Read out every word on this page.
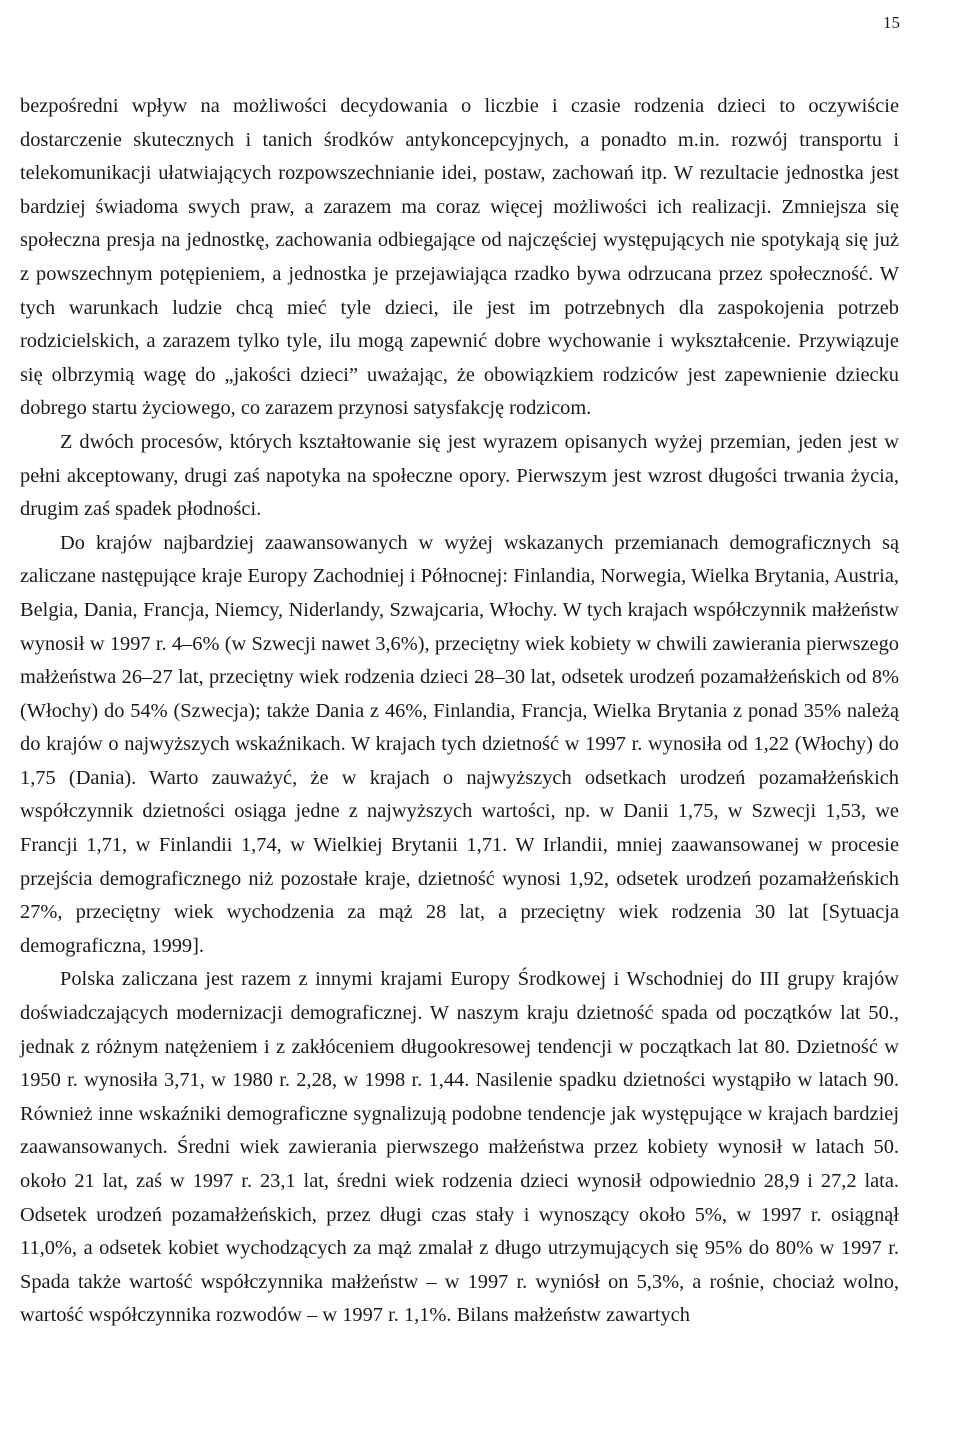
15

bezpośredni wpływ na możliwości decydowania o liczbie i czasie rodzenia dzieci to oczywiście dostarczenie skutecznych i tanich środków antykoncepcyjnych, a ponadto m.in. rozwój transportu i telekomunikacji ułatwiających rozpowszechnianie idei, postaw, zachowań itp. W rezultacie jednostka jest bardziej świadoma swych praw, a zarazem ma coraz więcej możliwości ich realizacji. Zmniejsza się społeczna presja na jednostkę, zachowania odbiegające od najczęściej występujących nie spotykają się już z powszechnym potępieniem, a jednostka je przejawiająca rzadko bywa odrzucana przez społeczność. W tych warunkach ludzie chcą mieć tyle dzieci, ile jest im potrzebnych dla zaspokojenia potrzeb rodzicielskich, a zarazem tylko tyle, ilu mogą zapewnić dobre wychowanie i wykształcenie. Przywiązuje się olbrzymią wagę do „jakości dzieci” uważając, że obowiązkiem rodziców jest zapewnienie dziecku dobrego startu życiowego, co zarazem przynosi satysfakcję rodzicom.

Z dwóch procesów, których kształtowanie się jest wyrazem opisanych wyżej przemian, jeden jest w pełni akceptowany, drugi zaś napotyka na społeczne opory. Pierwszym jest wzrost długości trwania życia, drugim zaś spadek płodności.

Do krajów najbardziej zaawansowanych w wyżej wskazanych przemianach demograficznych są zaliczane następujące kraje Europy Zachodniej i Północnej: Finlandia, Norwegia, Wielka Brytania, Austria, Belgia, Dania, Francja, Niemcy, Niderlandy, Szwajcaria, Włochy. W tych krajach współczynnik małżeństw wynosił w 1997 r. 4–6% (w Szwecji nawet 3,6%), przeciętny wiek kobiety w chwili zawierania pierwszego małżeństwa 26–27 lat, przeciętny wiek rodzenia dzieci 28–30 lat, odsetek urodzeń pozamałżeńskich od 8% (Włochy) do 54% (Szwecja); także Dania z 46%, Finlandia, Francja, Wielka Brytania z ponad 35% należą do krajów o najwyższych wskaźnikach. W krajach tych dzietność w 1997 r. wynosiła od 1,22 (Włochy) do 1,75 (Dania). Warto zauważyć, że w krajach o najwyższych odsetkach urodzeń pozamałżeńskich współczynnik dzietności osiąga jedne z najwyższych wartości, np. w Danii 1,75, w Szwecji 1,53, we Francji 1,71, w Finlandii 1,74, w Wielkiej Brytanii 1,71. W Irlandii, mniej zaawansowanej w procesie przejścia demograficznego niż pozostałe kraje, dzietność wynosi 1,92, odsetek urodzeń pozamałżeńskich 27%, przeciętny wiek wychodzenia za mąż 28 lat, a przeciętny wiek rodzenia 30 lat [Sytuacja demograficzna, 1999].

Polska zaliczana jest razem z innymi krajami Europy Środkowej i Wschodniej do III grupy krajów doświadczających modernizacji demograficznej. W naszym kraju dzietność spada od początków lat 50., jednak z różnym natężeniem i z zakłóceniem długookresowej tendencji w początkach lat 80. Dzietność w 1950 r. wynosiła 3,71, w 1980 r. 2,28, w 1998 r. 1,44. Nasilenie spadku dzietności wystąpiło w latach 90. Również inne wskaźniki demograficzne sygnalizują podobne tendencje jak występujące w krajach bardziej zaawansowanych. Średni wiek zawierania pierwszego małżeństwa przez kobiety wynosił w latach 50. około 21 lat, zaś w 1997 r. 23,1 lat, średni wiek rodzenia dzieci wynosił odpowiednio 28,9 i 27,2 lata. Odsetek urodzeń pozamałżeńskich, przez długi czas stały i wynoszący około 5%, w 1997 r. osiągnął 11,0%, a odsetek kobiet wychodzących za mąż zmalał z długo utrzymujących się 95% do 80% w 1997 r. Spada także wartość współczynnika małżeństw – w 1997 r. wyniósł on 5,3%, a rośnie, chociaż wolno, wartość współczynnika rozwodów – w 1997 r. 1,1%. Bilans małżeństw zawartych
